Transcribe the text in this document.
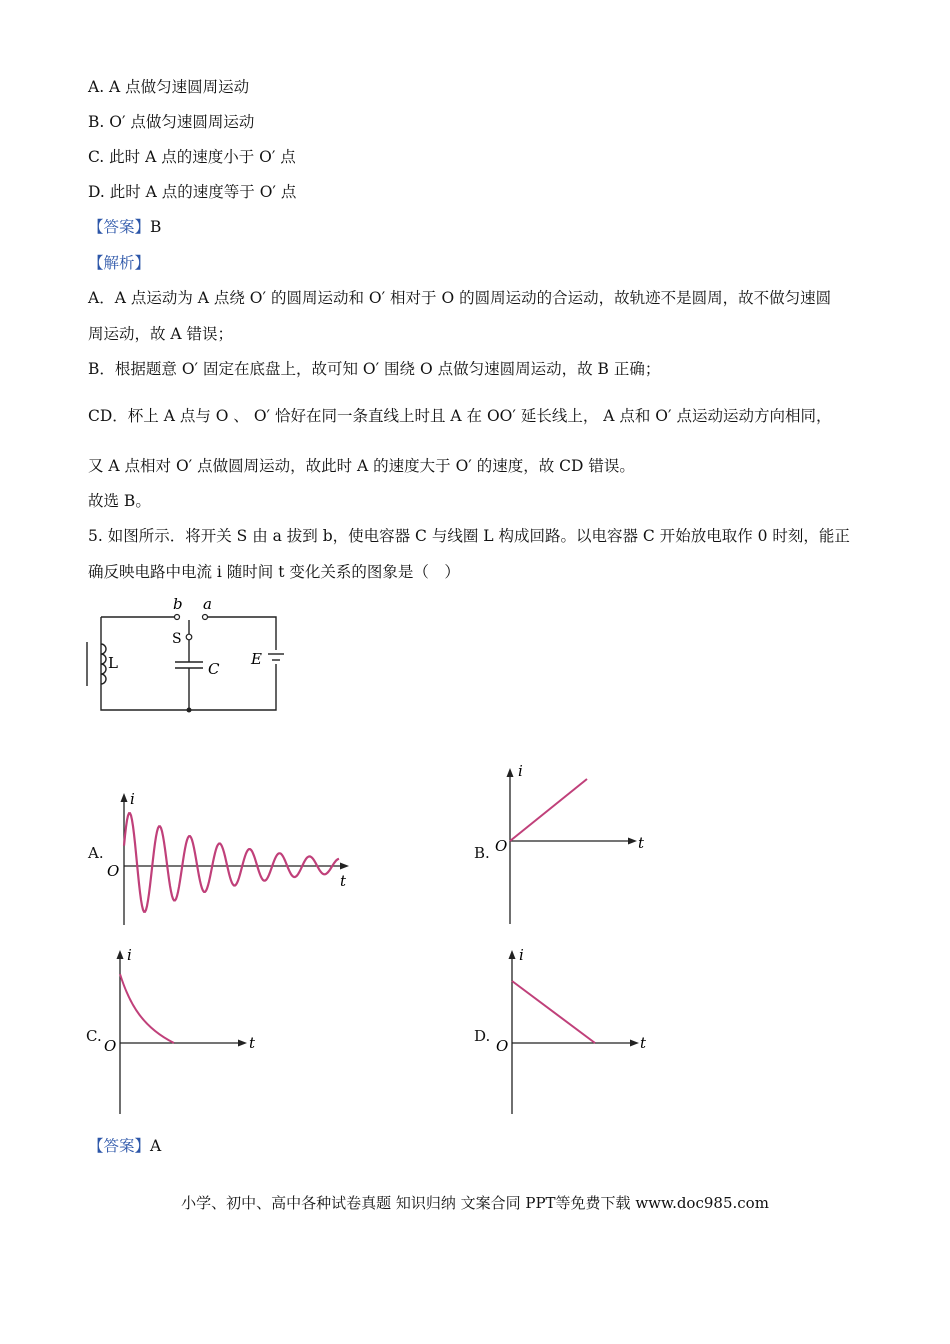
A. A 点做匀速圆周运动
B. O′ 点做匀速圆周运动
C. 此时 A 点的速度小于 O′ 点
D. 此时 A 点的速度等于 O′ 点
【答案】B
【解析】
A．A 点运动为 A 点绕 O′ 的圆周运动和 O′ 相对于 O 的圆周运动的合运动，故轨迹不是圆周，故不做匀速圆
周运动，故 A 错误；
B．根据题意 O′ 固定在底盘上，故可知 O′ 围绕 O 点做匀速圆周运动，故 B 正确；
CD．杯上 A 点与 O 、 O′ 恰好在同一条直线上时且 A 在 OO′ 延长线上， A 点和 O′ 点运动运动方向相同，
又 A 点相对 O′ 点做圆周运动，故此时 A 的速度大于 O′ 的速度，故 CD 错误。
故选 B。
5. 如图所示．将开关 S 由 a 拔到 b，使电容器 C 与线圈 L 构成回路。以电容器 C 开始放电取作 0 时刻，能正
确反映电路中电流 i 随时间 t 变化关系的图象是（　）
b a
S
L	C
E
A.
i
t
O
B.
i
t
O
C.
i
t
O
D.
i
t
O
【答案】A
小学、初中、高中各种试卷真题 知识归纳 文案合同 PPT等免费下载 www.doc985.com
